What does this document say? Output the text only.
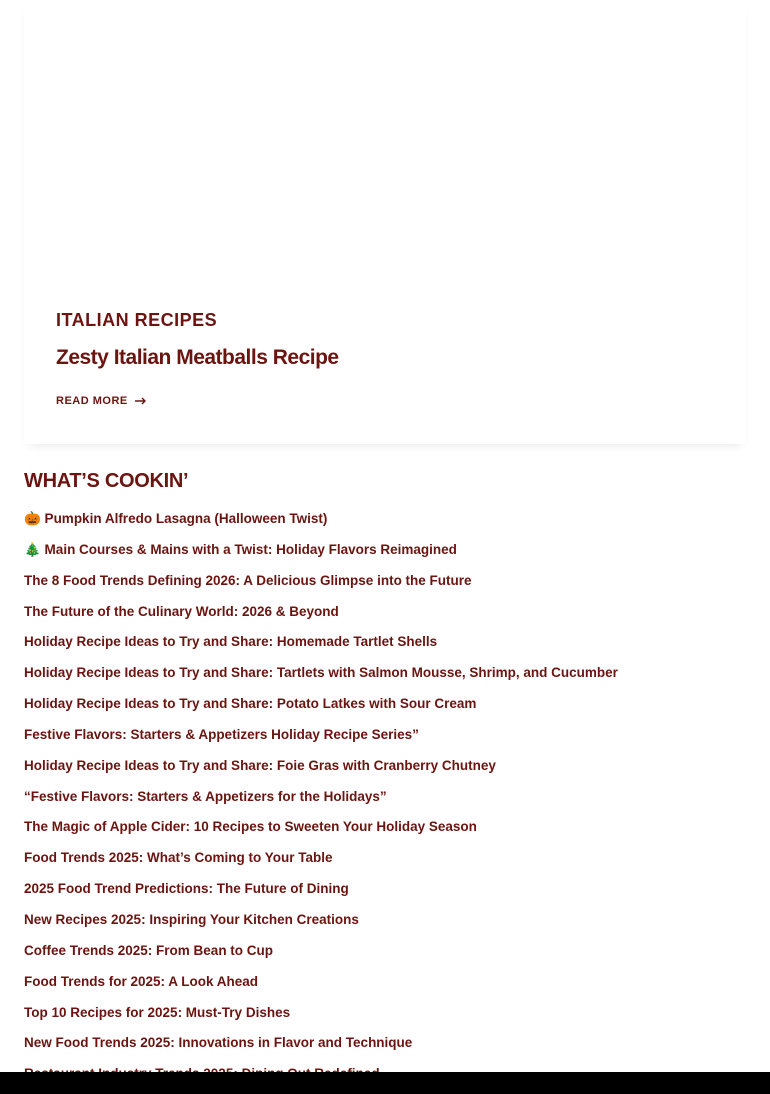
ITALIAN RECIPES
Zesty Italian Meatballs Recipe
READ MORE
WHAT’S COOKIN’
🎃 Pumpkin Alfredo Lasagna (Halloween Twist)
🎄 Main Courses & Mains with a Twist: Holiday Flavors Reimagined
The 8 Food Trends Defining 2026: A Delicious Glimpse into the Future
The Future of the Culinary World: 2026 & Beyond
Holiday Recipe Ideas to Try and Share: Homemade Tartlet Shells
Holiday Recipe Ideas to Try and Share: Tartlets with Salmon Mousse, Shrimp, and Cucumber
Holiday Recipe Ideas to Try and Share: Potato Latkes with Sour Cream
Festive Flavors: Starters & Appetizers Holiday Recipe Series”
Holiday Recipe Ideas to Try and Share: Foie Gras with Cranberry Chutney
“Festive Flavors: Starters & Appetizers for the Holidays”
The Magic of Apple Cider: 10 Recipes to Sweeten Your Holiday Season
Food Trends 2025: What’s Coming to Your Table
2025 Food Trend Predictions: The Future of Dining
New Recipes 2025: Inspiring Your Kitchen Creations
Coffee Trends 2025: From Bean to Cup
Food Trends for 2025: A Look Ahead
Top 10 Recipes for 2025: Must-Try Dishes
New Food Trends 2025: Innovations in Flavor and Technique
